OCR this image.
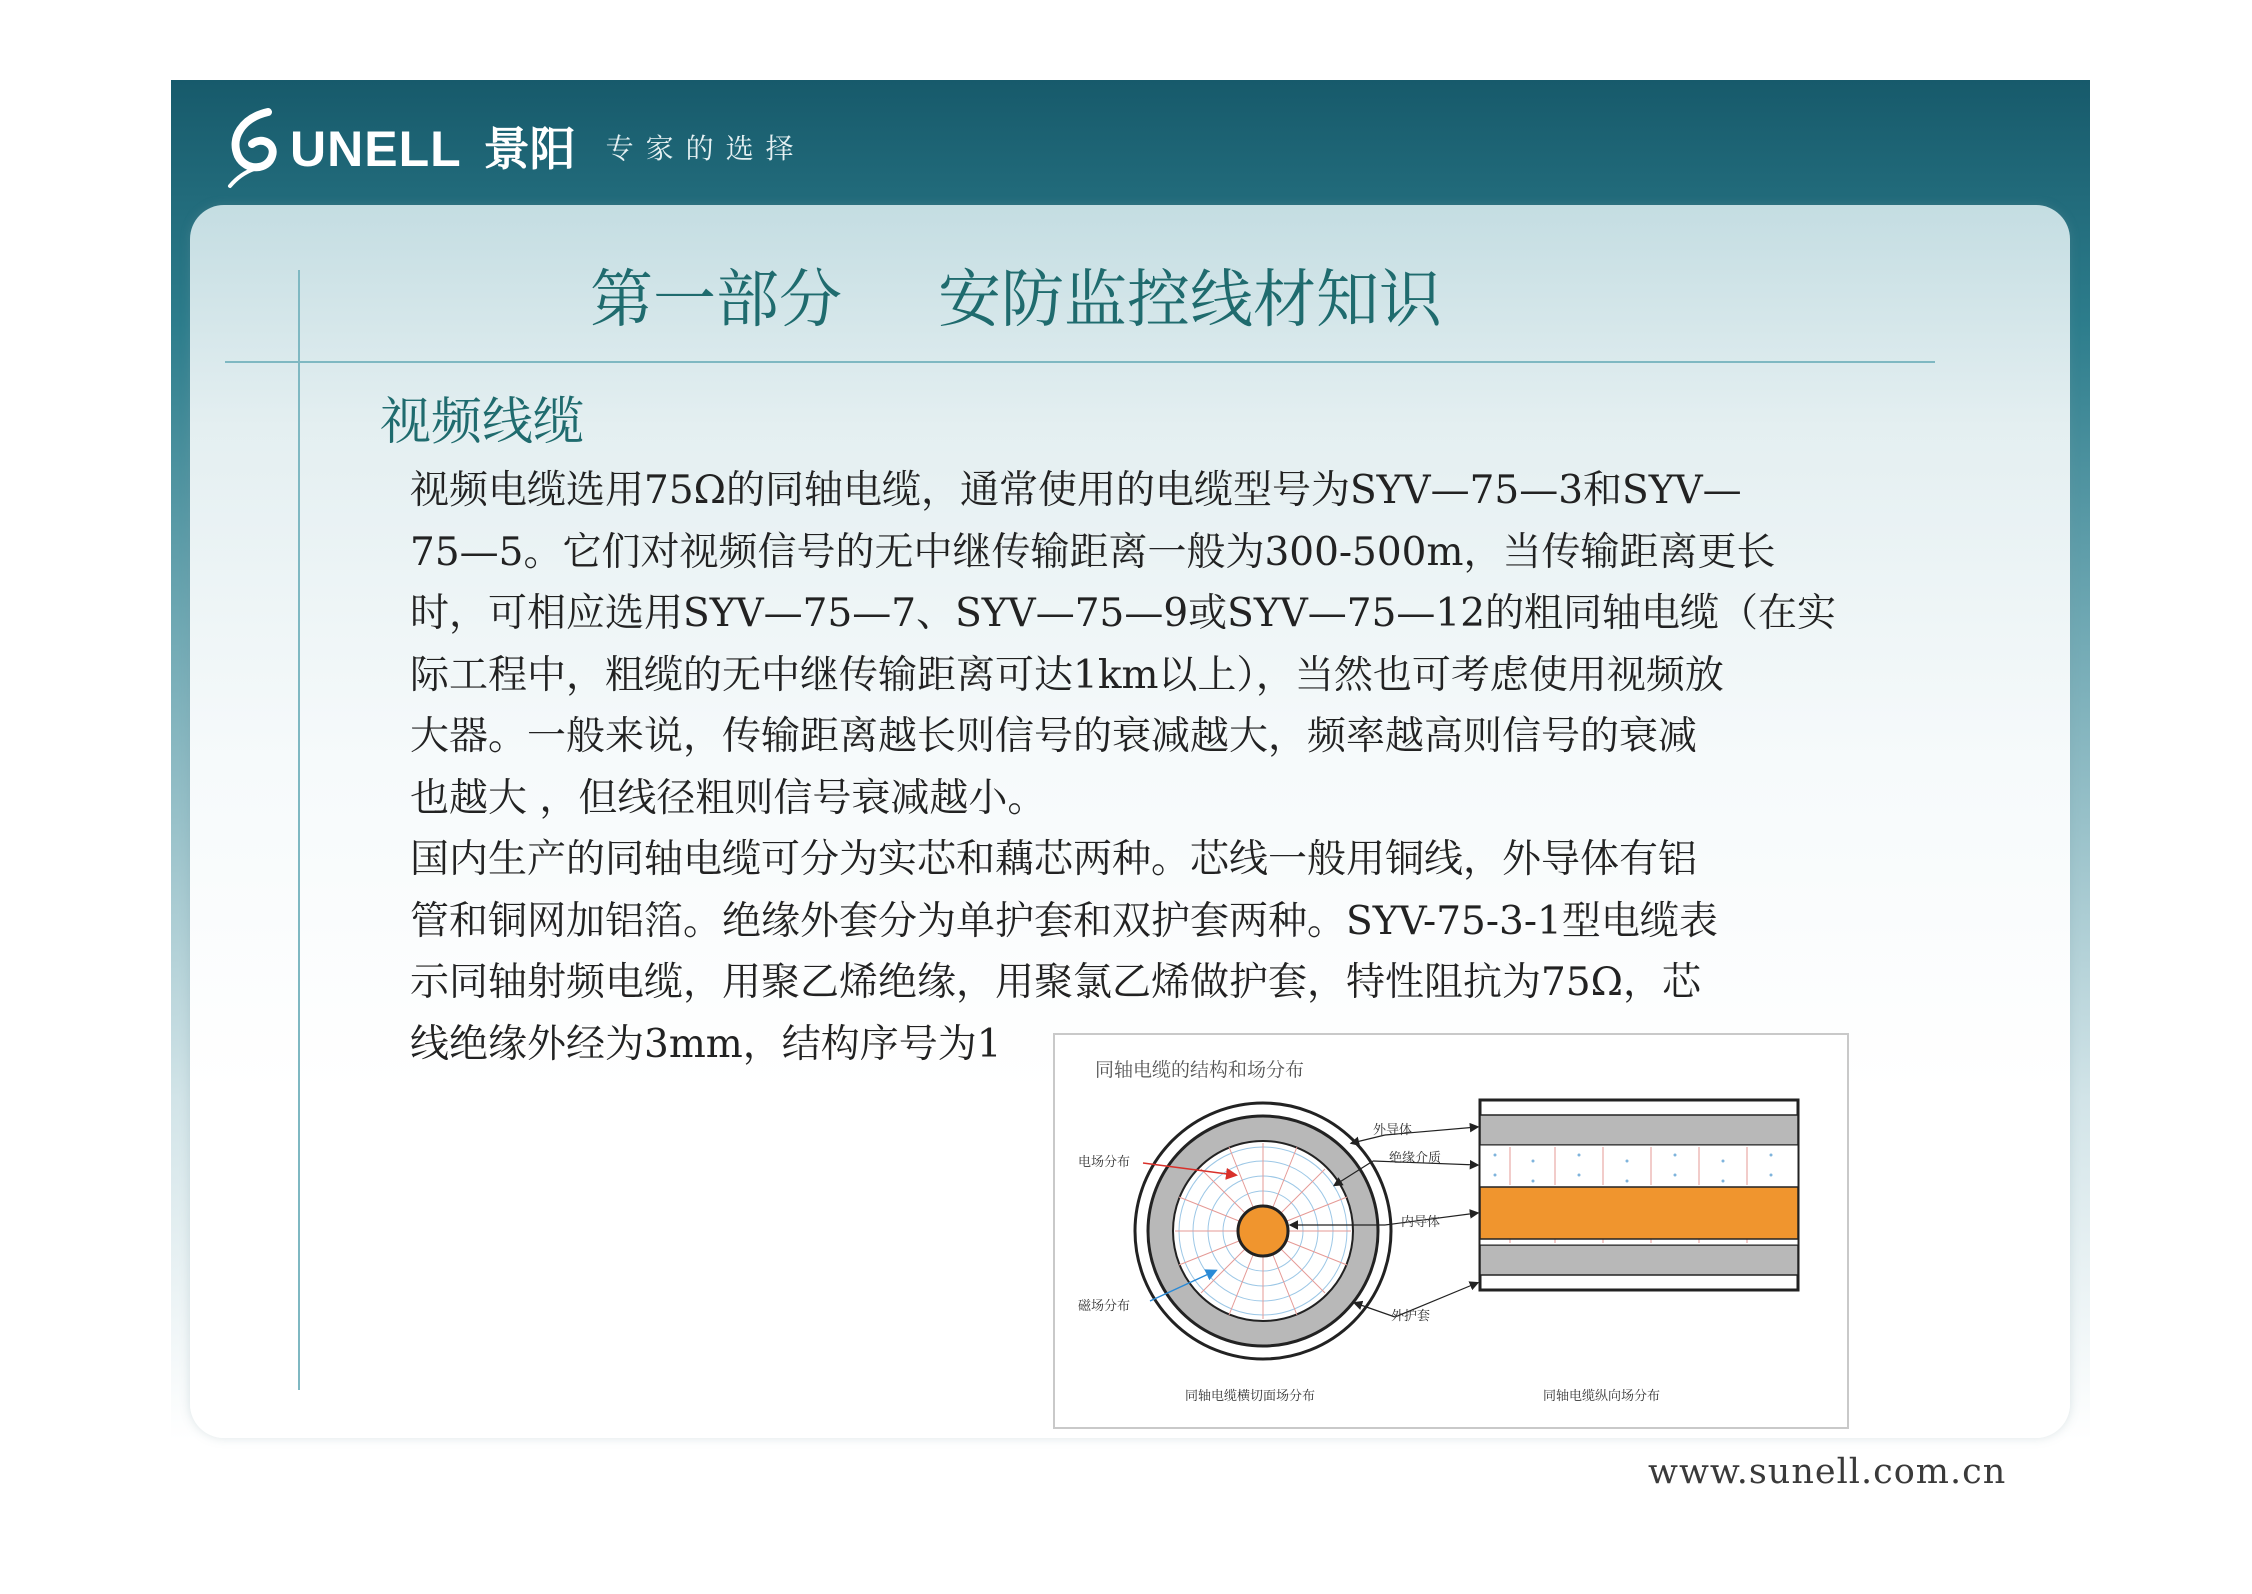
UNELL 景阳 专家的选择
第一部分 安防监控线材知识
视频线缆
视频电缆选用75Ω的同轴电缆，通常使用的电缆型号为SYV—75—3和SYV—
75—5。它们对视频信号的无中继传输距离一般为300-500m，当传输距离更长
时，可相应选用SYV—75—7、SYV—75—9或SYV—75—12的粗同轴电缆（在实
际工程中，粗缆的无中继传输距离可达1km以上），当然也可考虑使用视频放
大器。一般来说，传输距离越长则信号的衰减越大，频率越高则信号的衰减
也越大 ，但线径粗则信号衰减越小。
国内生产的同轴电缆可分为实芯和藕芯两种。芯线一般用铜线，外导体有铝
管和铜网加铝箔。绝缘外套分为单护套和双护套两种。SYV-75-3-1型电缆表
示同轴射频电缆，用聚乙烯绝缘，用聚氯乙烯做护套，特性阻抗为75Ω，芯
线绝缘外经为3mm，结构序号为1
同轴电缆的结构和场分布
电场分布
磁场分布
外导体
绝缘介质
内导体
外护套
同轴电缆横切面场分布	同轴电缆纵向场分布
www.sunell.com.cn
